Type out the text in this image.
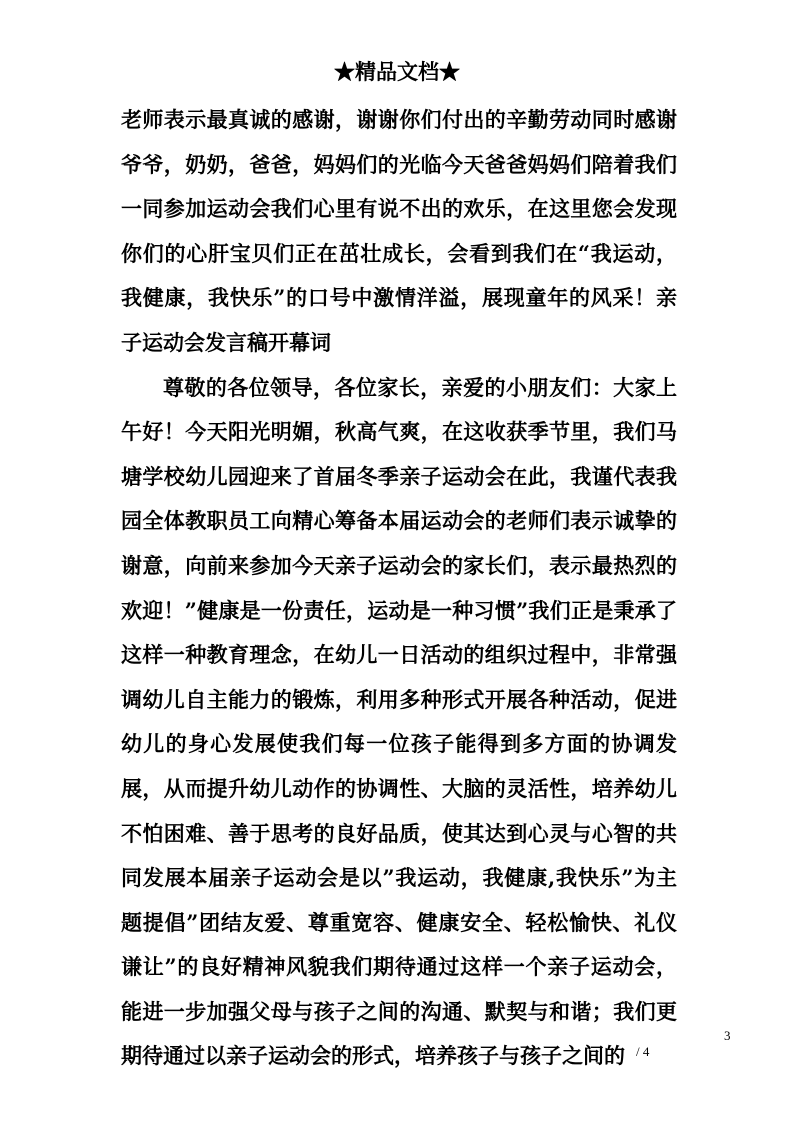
★精品文档★

老师表示最真诚的感谢，谢谢你们付出的辛勤劳动同时感谢爷爷，奶奶，爸爸，妈妈们的光临今天爸爸妈妈们陪着我们一同参加运动会我们心里有说不出的欢乐，在这里您会发现你们的心肝宝贝们正在茁壮成长，会看到我们在“我运动，我健康，我快乐”的口号中激情洋溢，展现童年的风采！亲子运动会发言稿开幕词

尊敬的各位领导，各位家长，亲爱的小朋友们：大家上午好！今天阳光明媚，秋高气爽，在这收获季节里，我们马塘学校幼儿园迎来了首届冬季亲子运动会在此，我谨代表我园全体教职员工向精心筹备本届运动会的老师们表示诚挚的谢意，向前来参加今天亲子运动会的家长们，表示最热烈的欢迎！”健康是一份责任，运动是一种习惯”我们正是秉承了这样一种教育理念，在幼儿一日活动的组织过程中，非常强调幼儿自主能力的锻炼，利用多种形式开展各种活动，促进幼儿的身心发展使我们每一位孩子能得到多方面的协调发展，从而提升幼儿动作的协调性、大脑的灵活性，培养幼儿不怕困难、善于思考的良好品质，使其达到心灵与心智的共同发展本届亲子运动会是以”我运动，我健康,我快乐”为主题提倡”团结友爱、尊重宽容、健康安全、轻松愉快、礼仪谦让”的良好精神风貌我们期待通过这样一个亲子运动会，能进一步加强父母与孩子之间的沟通、默契与和谐；我们更期待通过以亲子运动会的形式，培养孩子与孩子之间的

3
/ 4
